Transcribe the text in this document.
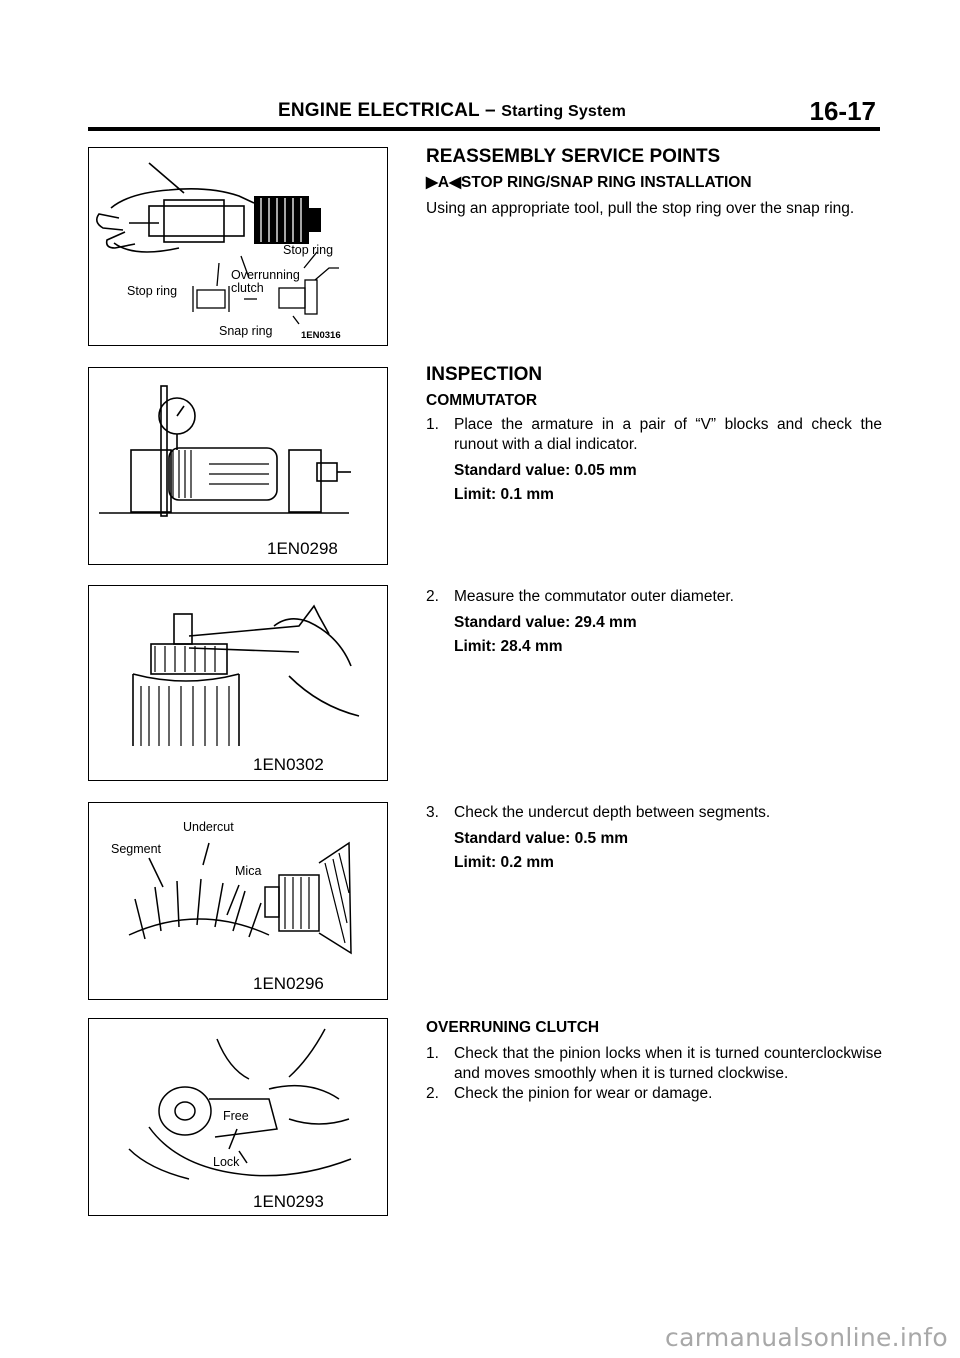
ENGINE ELECTRICAL – Starting System	16-17
Stop ring
Overrunning
clutch
Stop ring
Snap ring	1EN0316
1EN0298
1EN0302
Undercut
Segment
Mica
1EN0296
Free
Lock
1EN0293
REASSEMBLY SERVICE POINTS
▶A◀STOP RING/SNAP RING INSTALLATION
Using an appropriate tool, pull the stop ring over the snap ring.
INSPECTION
COMMUTATOR
1. Place the armature in a pair of “V” blocks and check the runout with a dial indicator.
Standard value: 0.05 mm
Limit: 0.1 mm
2. Measure the commutator outer diameter.
Standard value: 29.4 mm
Limit: 28.4 mm
3. Check the undercut depth between segments.
Standard value: 0.5 mm
Limit: 0.2 mm
OVERRUNING CLUTCH
1. Check that the pinion locks when it is turned counterclockwise and moves smoothly when it is turned clockwise.
2. Check the pinion for wear or damage.
carmanualsonline.info
